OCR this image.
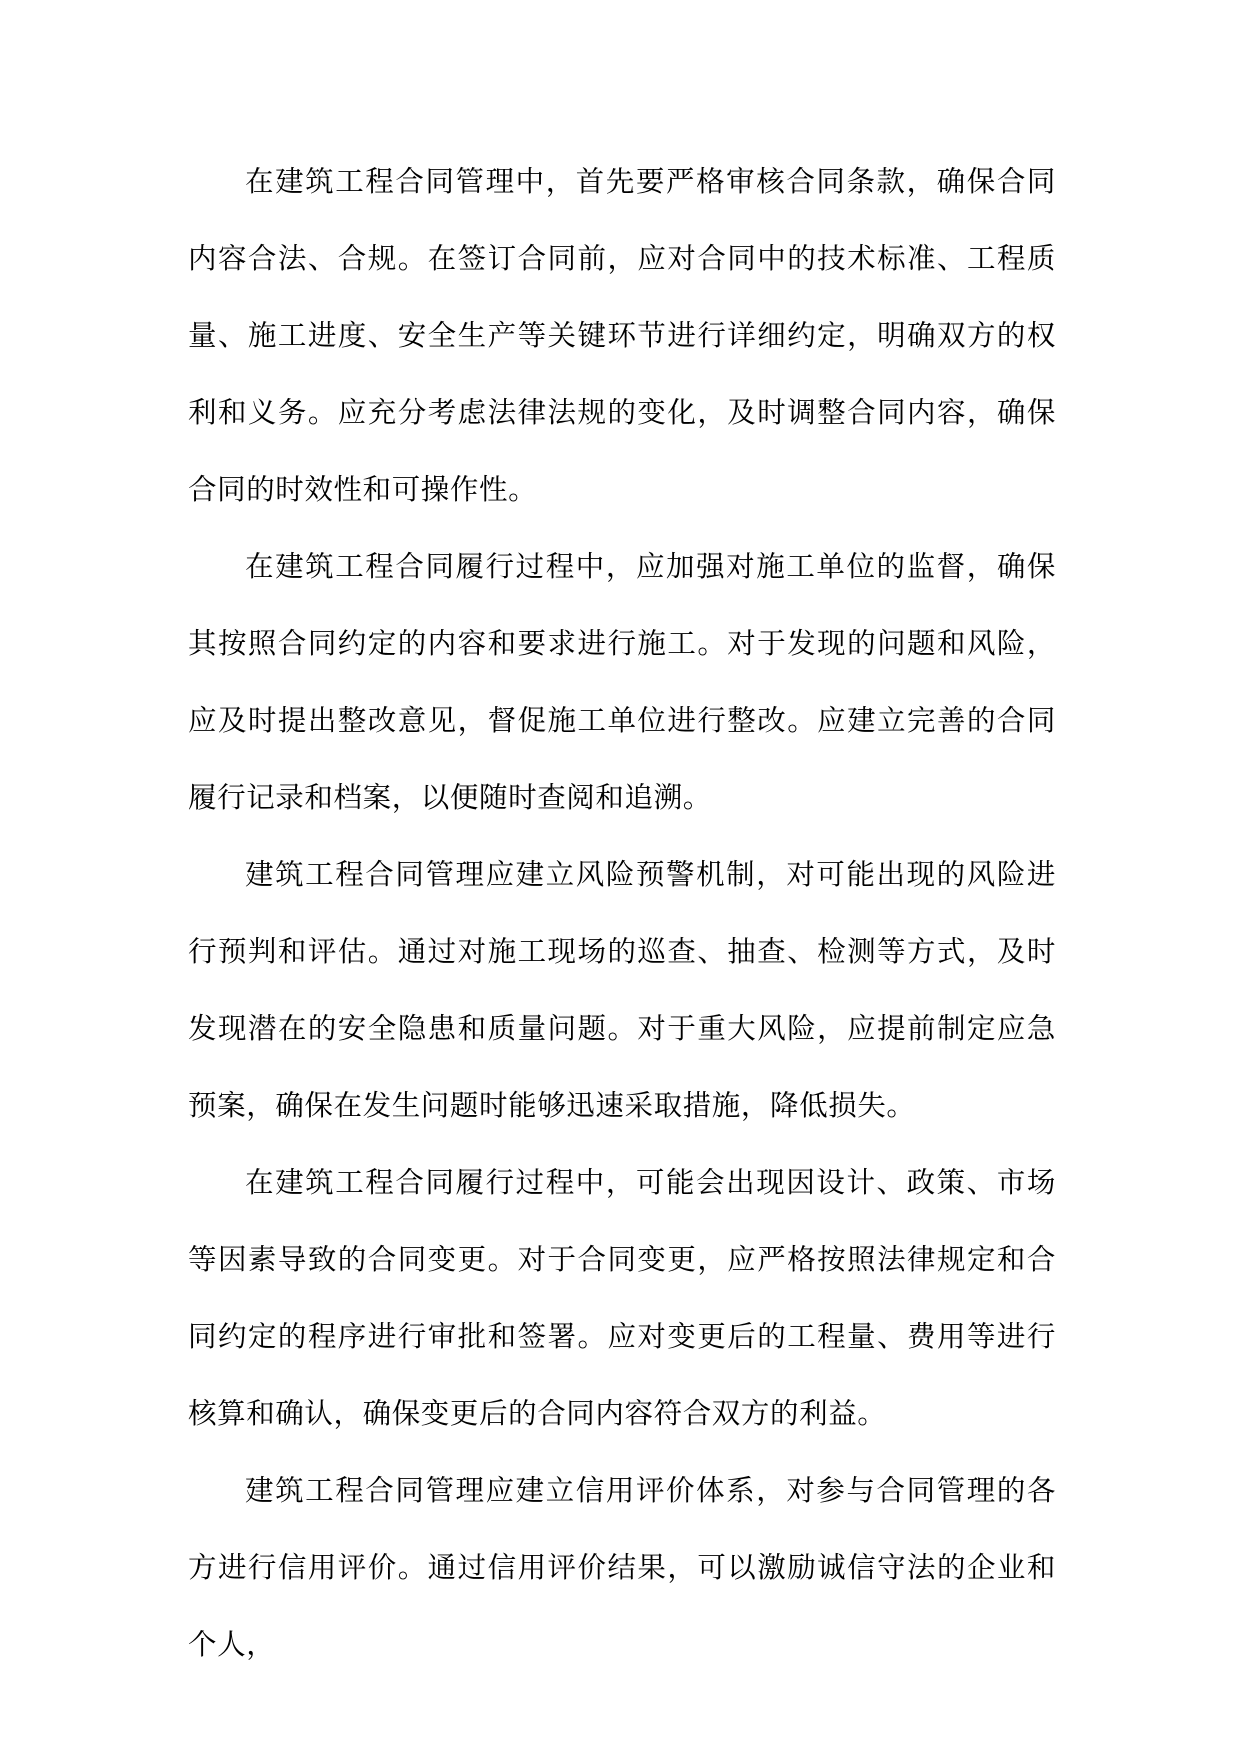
在建筑工程合同管理中，首先要严格审核合同条款，确保合同内容合法、合规。在签订合同前，应对合同中的技术标准、工程质量、施工进度、安全生产等关键环节进行详细约定，明确双方的权利和义务。应充分考虑法律法规的变化，及时调整合同内容，确保合同的时效性和可操作性。

在建筑工程合同履行过程中，应加强对施工单位的监督，确保其按照合同约定的内容和要求进行施工。对于发现的问题和风险，应及时提出整改意见，督促施工单位进行整改。应建立完善的合同履行记录和档案，以便随时查阅和追溯。

建筑工程合同管理应建立风险预警机制，对可能出现的风险进行预判和评估。通过对施工现场的巡查、抽查、检测等方式，及时发现潜在的安全隐患和质量问题。对于重大风险，应提前制定应急预案，确保在发生问题时能够迅速采取措施，降低损失。

在建筑工程合同履行过程中，可能会出现因设计、政策、市场等因素导致的合同变更。对于合同变更，应严格按照法律规定和合同约定的程序进行审批和签署。应对变更后的工程量、费用等进行核算和确认，确保变更后的合同内容符合双方的利益。

建筑工程合同管理应建立信用评价体系，对参与合同管理的各方进行信用评价。通过信用评价结果，可以激励诚信守法的企业和个人，
